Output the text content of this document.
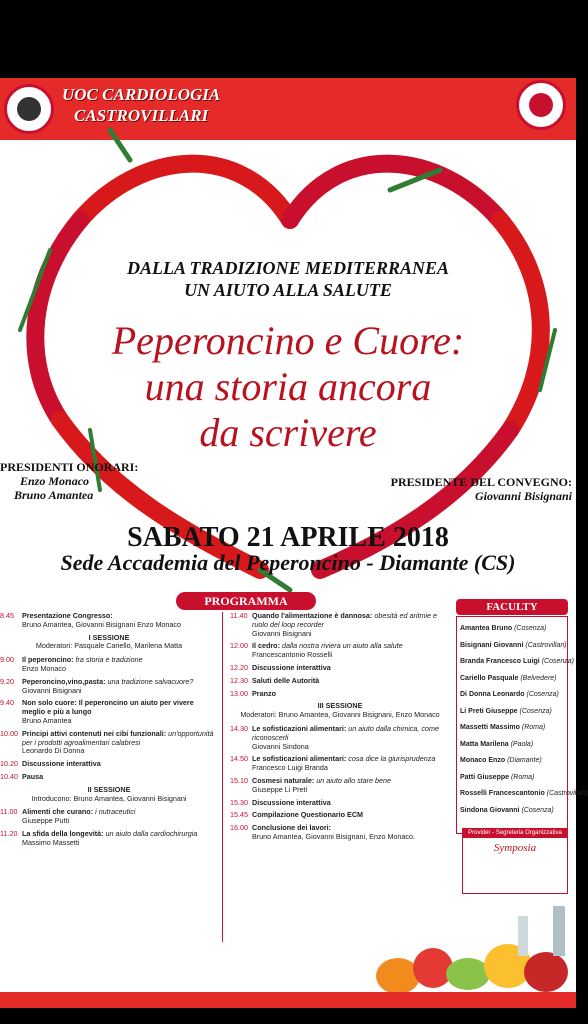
UOC CARDIOLOGIA
CASTROVILLARI
DALLA TRADIZIONE MEDITERRANEA
UN AIUTO ALLA SALUTE
Peperoncino e Cuore:
una storia ancora
da scrivere
PRESIDENTI ONORARI:
Enzo Monaco
Bruno Amantea
PRESIDENTE DEL CONVEGNO:
Giovanni Bisignani
SABATO 21 APRILE 2018
Sede Accademia del Peperoncino - Diamante (CS)
PROGRAMMA
8.45	Presentazione Congresso:
Bruno Amantea, Giovanni Bisignani Enzo Monaco
I SESSIONE
Moderatori: Pasquale Cariello, Marilena Matta
9.00	Il peperoncino: fra storia e tradizione
Enzo Monaco
9.20	Peperoncino,vino,pasta: una tradizione salvacuore?
Giovanni Bisignani
9.40	Non solo cuore: Il peperoncino un aiuto per vivere meglio e più a lungo
Bruno Amantea
10.00 Principi attivi contenuti nei cibi funzionali: un'opportunità per i prodotti agroalimentari calabresi
Leonardo Di Donna
10.20 Discussione interattiva
10.40 Pausa
II SESSIONE
Introducono: Bruno Amantea, Giovanni Bisignani
11.00 Alimenti che curano: i nutraceutici
Giuseppe Putti
11.20 La sfida della longevità: un aiuto dalla cardiochirurgia
Massimo Massetti
11.40 Quando l'alimentazione è dannosa: obesità ed aritmie e ruolo del loop recorder
Giovanni Bisignani
12.00 Il cedro: dalla nostra riviera un aiuto alla salute
Francescantonio Rosselli
12.20 Discussione interattiva
12.30 Saluti delle Autorità
13.00 Pranzo
III SESSIONE
Moderatori: Bruno Amantea, Giovanni Bisignani, Enzo Monaco
14.30 Le sofisticazioni alimentari: un aiuto dalla chimica, come riconoscerli
Giovanni Sindona
14.50 Le sofisticazioni alimentari: cosa dice la giurisprudenza
Francesco Luigi Branda
15.10 Cosmesi naturale: un aiuto allo stare bene
Giuseppe Li Preti
15.30 Discussione interattiva
15.45 Compilazione Questionario ECM
16.00 Conclusione dei lavori:
Bruno Amantea, Giovanni Bisignani, Enzo Monaco.
FACULTY
Amantea Bruno (Cosenza)
Bisignani Giovanni (Castrovillari)
Branda Francesco Luigi (Cosenza)
Cariello Pasquale (Belvedere)
Di Donna Leonardo (Cosenza)
Li Preti Giuseppe (Cosenza)
Massetti Massimo (Roma)
Matta Marilena (Paola)
Monaco Enzo (Diamante)
Patti Giuseppe (Roma)
Rosselli Francescantonio (Castrovillari)
Sindona Giovanni (Cosenza)
Provider - Segreteria Organizzativa
Symposia
